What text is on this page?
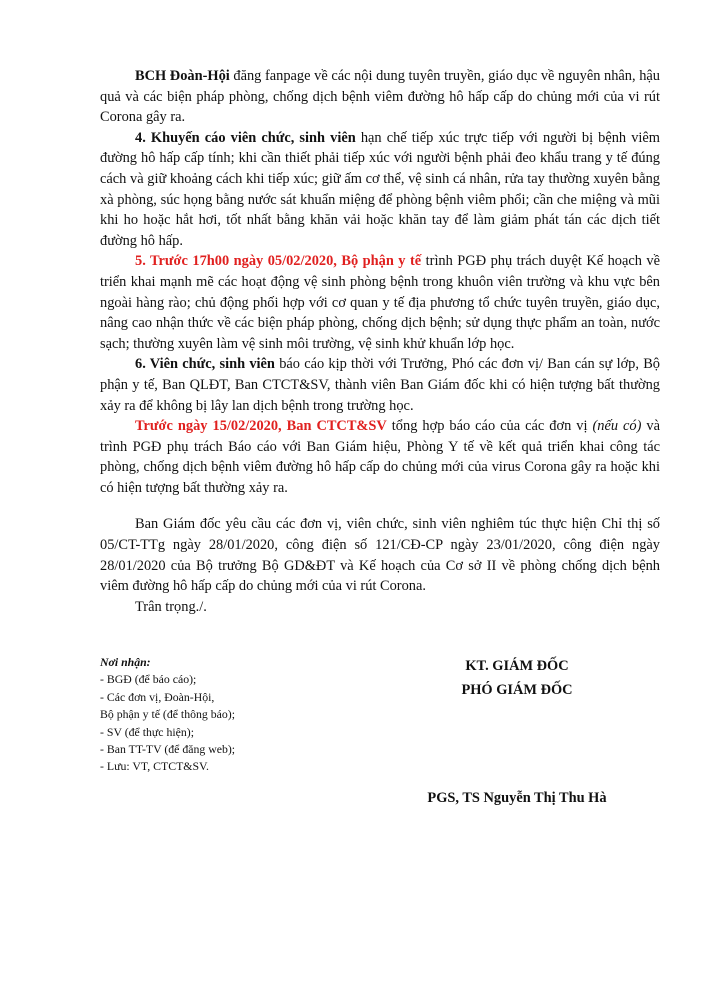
BCH Đoàn-Hội đăng fanpage về các nội dung tuyên truyền, giáo dục về nguyên nhân, hậu quả và các biện pháp phòng, chống dịch bệnh viêm đường hô hấp cấp do chủng mới của vi rút Corona gây ra.

4. Khuyến cáo viên chức, sinh viên hạn chế tiếp xúc trực tiếp với người bị bệnh viêm đường hô hấp cấp tính; khi cần thiết phải tiếp xúc với người bệnh phải đeo khẩu trang y tế đúng cách và giữ khoảng cách khi tiếp xúc; giữ ấm cơ thể, vệ sinh cá nhân, rửa tay thường xuyên bằng xà phòng, súc họng bằng nước sát khuẩn miệng để phòng bệnh viêm phổi; cần che miệng và mũi khi ho hoặc hắt hơi, tốt nhất bằng khăn vải hoặc khăn tay để làm giảm phát tán các dịch tiết đường hô hấp.

5. Trước 17h00 ngày 05/02/2020, Bộ phận y tế trình PGĐ phụ trách duyệt Kế hoạch về triển khai mạnh mẽ các hoạt động vệ sinh phòng bệnh trong khuôn viên trường và khu vực bên ngoài hàng rào; chủ động phối hợp với cơ quan y tế địa phương tổ chức tuyên truyền, giáo dục, nâng cao nhận thức về các biện pháp phòng, chống dịch bệnh; sử dụng thực phẩm an toàn, nước sạch; thường xuyên làm vệ sinh môi trường, vệ sinh khử khuẩn lớp học.

6. Viên chức, sinh viên báo cáo kịp thời với Trưởng, Phó các đơn vị/ Ban cán sự lớp, Bộ phận y tế, Ban QLĐT, Ban CTCT&SV, thành viên Ban Giám đốc khi có hiện tượng bất thường xảy ra để không bị lây lan dịch bệnh trong trường học.

Trước ngày 15/02/2020, Ban CTCT&SV tổng hợp báo cáo của các đơn vị (nếu có) và trình PGĐ phụ trách Báo cáo với Ban Giám hiệu, Phòng Y tế về kết quả triển khai công tác phòng, chống dịch bệnh viêm đường hô hấp cấp do chủng mới của virus Corona gây ra hoặc khi có hiện tượng bất thường xảy ra.

Ban Giám đốc yêu cầu các đơn vị, viên chức, sinh viên nghiêm túc thực hiện Chỉ thị số 05/CT-TTg ngày 28/01/2020, công điện số 121/CĐ-CP ngày 23/01/2020, công điện ngày 28/01/2020 của Bộ trưởng Bộ GD&ĐT và Kế hoạch của Cơ sở II về phòng chống dịch bệnh viêm đường hô hấp cấp do chủng mới của vi rút Corona.

Trân trọng./.

Nơi nhận:
- BGĐ (để báo cáo);
- Các đơn vị, Đoàn-Hội,
Bộ phận y tế (để thông báo);
- SV (để thực hiện);
- Ban TT-TV (để đăng web);
- Lưu: VT, CTCT&SV.
KT. GIÁM ĐỐC
PHÓ GIÁM ĐỐC
PGS, TS Nguyễn Thị Thu Hà
